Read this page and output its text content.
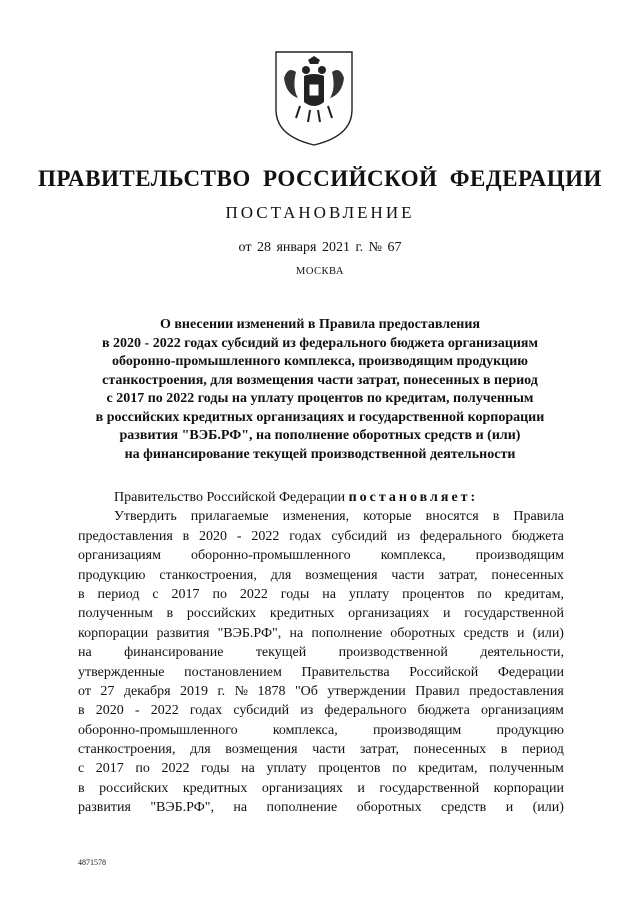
ПРАВИТЕЛЬСТВО РОССИЙСКОЙ ФЕДЕРАЦИИ
ПОСТАНОВЛЕНИЕ
от 28 января 2021 г. № 67
МОСКВА
О внесении изменений в Правила предоставления
в 2020 - 2022 годах субсидий из федерального бюджета организациям
оборонно-промышленного комплекса, производящим продукцию
станкостроения, для возмещения части затрат, понесенных в период
с 2017 по 2022 годы на уплату процентов по кредитам, полученным
в российских кредитных организациях и государственной корпорации
развития "ВЭБ.РФ", на пополнение оборотных средств и (или)
на финансирование текущей производственной деятельности
Правительство Российской Федерации
постановляет:
Утвердить прилагаемые изменения, которые вносятся в Правила
предоставления в 2020 - 2022 годах субсидий из федерального бюджета
организациям оборонно-промышленного комплекса, производящим
продукцию станкостроения, для возмещения части затрат, понесенных
в период с 2017 по 2022 годы на уплату процентов по кредитам,
полученным в российских кредитных организациях и государственной
корпорации развития "ВЭБ.РФ", на пополнение оборотных средств и (или)
на финансирование текущей производственной деятельности,
утвержденные постановлением Правительства Российской Федерации
от 27 декабря 2019 г. № 1878 "Об утверждении Правил предоставления
в 2020 - 2022 годах субсидий из федерального бюджета организациям
оборонно-промышленного	комплекса,	производящим	продукцию
станкостроения, для возмещения части затрат, понесенных в период
с 2017 по 2022 годы на уплату процентов по кредитам, полученным
в российских кредитных организациях и государственной корпорации
развития "ВЭБ.РФ", на пополнение оборотных средств и (или)
4871578
